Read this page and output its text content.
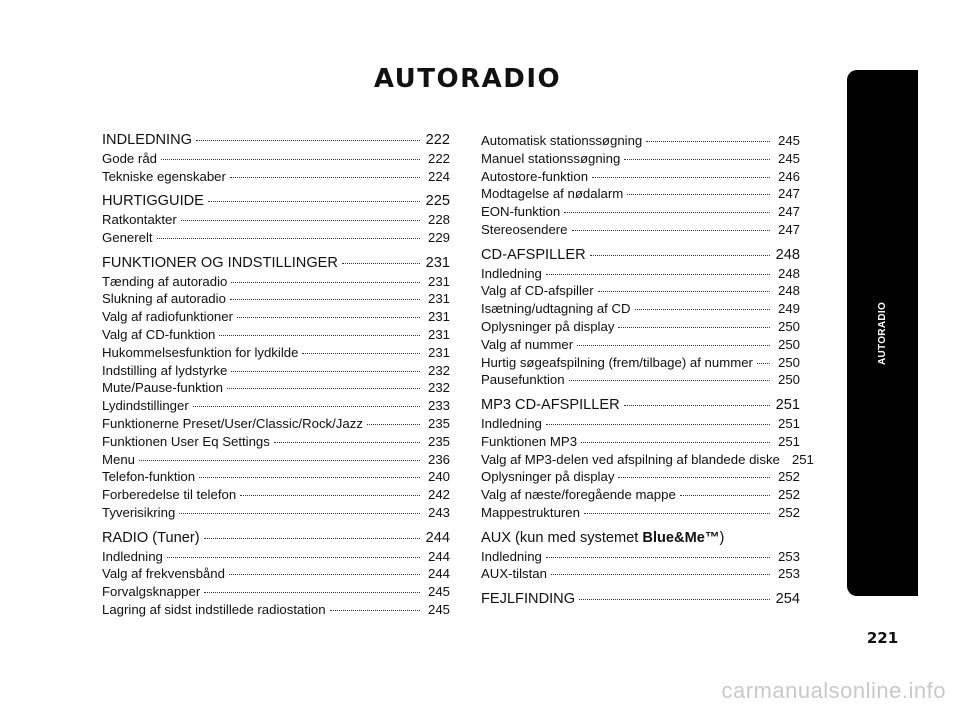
AUTORADIO
INDLEDNING	222
Gode råd	222
Tekniske egenskaber	224
HURTIGGUIDE	225
Ratkontakter	228
Generelt	229
FUNKTIONER OG INDSTILLINGER	231
Tænding af autoradio	231
Slukning af autoradio	231
Valg af radiofunktioner	231
Valg af CD-funktion	231
Hukommelsesfunktion for lydkilde	231
Indstilling af lydstyrke	232
Mute/Pause-funktion	232
Lydindstillinger	233
Funktionerne Preset/User/Classic/Rock/Jazz	235
Funktionen User Eq Settings	235
Menu	236
Telefon-funktion	240
Forberedelse til telefon	242
Tyverisikring	243
RADIO (Tuner)	244
Indledning	244
Valg af frekvensbånd	244
Forvalgsknapper	245
Lagring af sidst indstillede radiostation	245
Automatisk stationssøgning	245
Manuel stationssøgning	245
Autostore-funktion	246
Modtagelse af nødalarm	247
EON-funktion	247
Stereosendere	247
CD-AFSPILLER	248
Indledning	248
Valg af CD-afspiller	248
Isætning/udtagning af CD	249
Oplysninger på display	250
Valg af nummer	250
Hurtig søgeafspilning (frem/tilbage) af nummer	250
Pausefunktion	250
MP3 CD-AFSPILLER	251
Indledning	251
Funktionen MP3	251
Valg af MP3-delen ved afspilning af blandede diske 251
Oplysninger på display	252
Valg af næste/foregående mappe	252
Mappestrukturen	252
AUX (kun med systemet Blue&Me™)
Indledning	253
AUX-tilstan	253
FEJLFINDING	254
AUTORADIO
221
carmanualsonline.info
